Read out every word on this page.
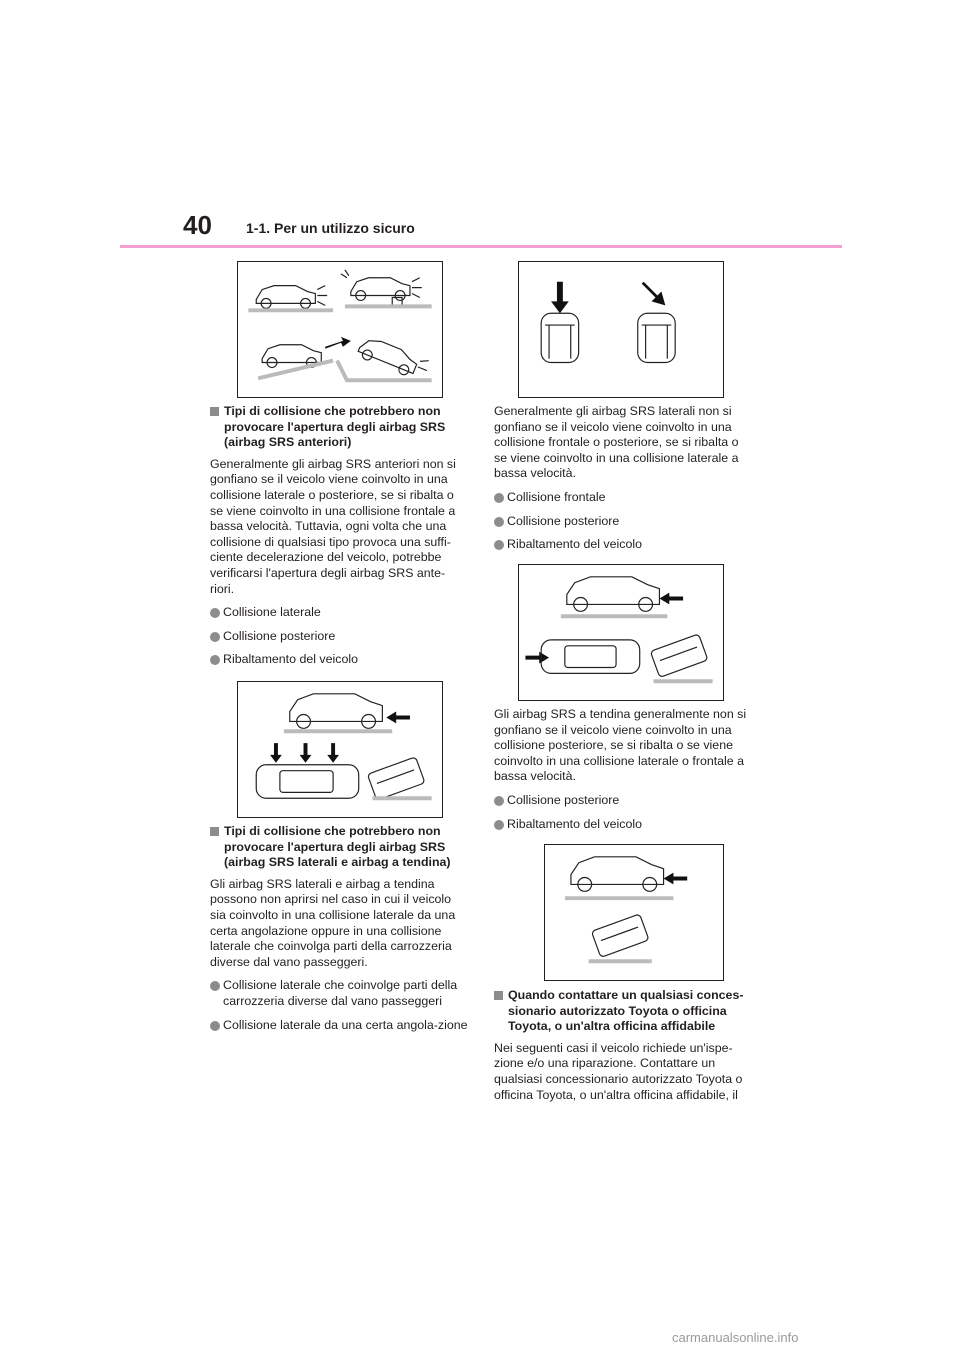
40 1-1. Per un utilizzo sicuro
Tipi di collisione che potrebbero non provocare l'apertura degli airbag SRS (airbag SRS anteriori)
Generalmente gli airbag SRS anteriori non si gonfiano se il veicolo viene coinvolto in una collisione laterale o posteriore, se si ribalta o se viene coinvolto in una collisione frontale a bassa velocità. Tuttavia, ogni volta che una collisione di qualsiasi tipo provoca una suffi-ciente decelerazione del veicolo, potrebbe verificarsi l'apertura degli airbag SRS ante-riori.
Collisione laterale
Collisione posteriore
Ribaltamento del veicolo
Tipi di collisione che potrebbero non provocare l'apertura degli airbag SRS (airbag SRS laterali e airbag a tendina)
Gli airbag SRS laterali e airbag a tendina possono non aprirsi nel caso in cui il veicolo sia coinvolto in una collisione laterale da una certa angolazione oppure in una collisione laterale che coinvolga parti della carrozzeria diverse dal vano passeggeri.
Collisione laterale che coinvolge parti della carrozzeria diverse dal vano passeggeri
Collisione laterale da una certa angola-zione
Generalmente gli airbag SRS laterali non si gonfiano se il veicolo viene coinvolto in una collisione frontale o posteriore, se si ribalta o se viene coinvolto in una collisione laterale a bassa velocità.
Collisione frontale
Collisione posteriore
Ribaltamento del veicolo
Gli airbag SRS a tendina generalmente non si gonfiano se il veicolo viene coinvolto in una collisione posteriore, se si ribalta o se viene coinvolto in una collisione laterale o frontale a bassa velocità.
Collisione posteriore
Ribaltamento del veicolo
Quando contattare un qualsiasi conces-sionario autorizzato Toyota o officina Toyota, o un'altra officina affidabile
Nei seguenti casi il veicolo richiede un'ispe-zione e/o una riparazione. Contattare un qualsiasi concessionario autorizzato Toyota o officina Toyota, o un'altra officina affidabile, il
carmanualsonline.info
